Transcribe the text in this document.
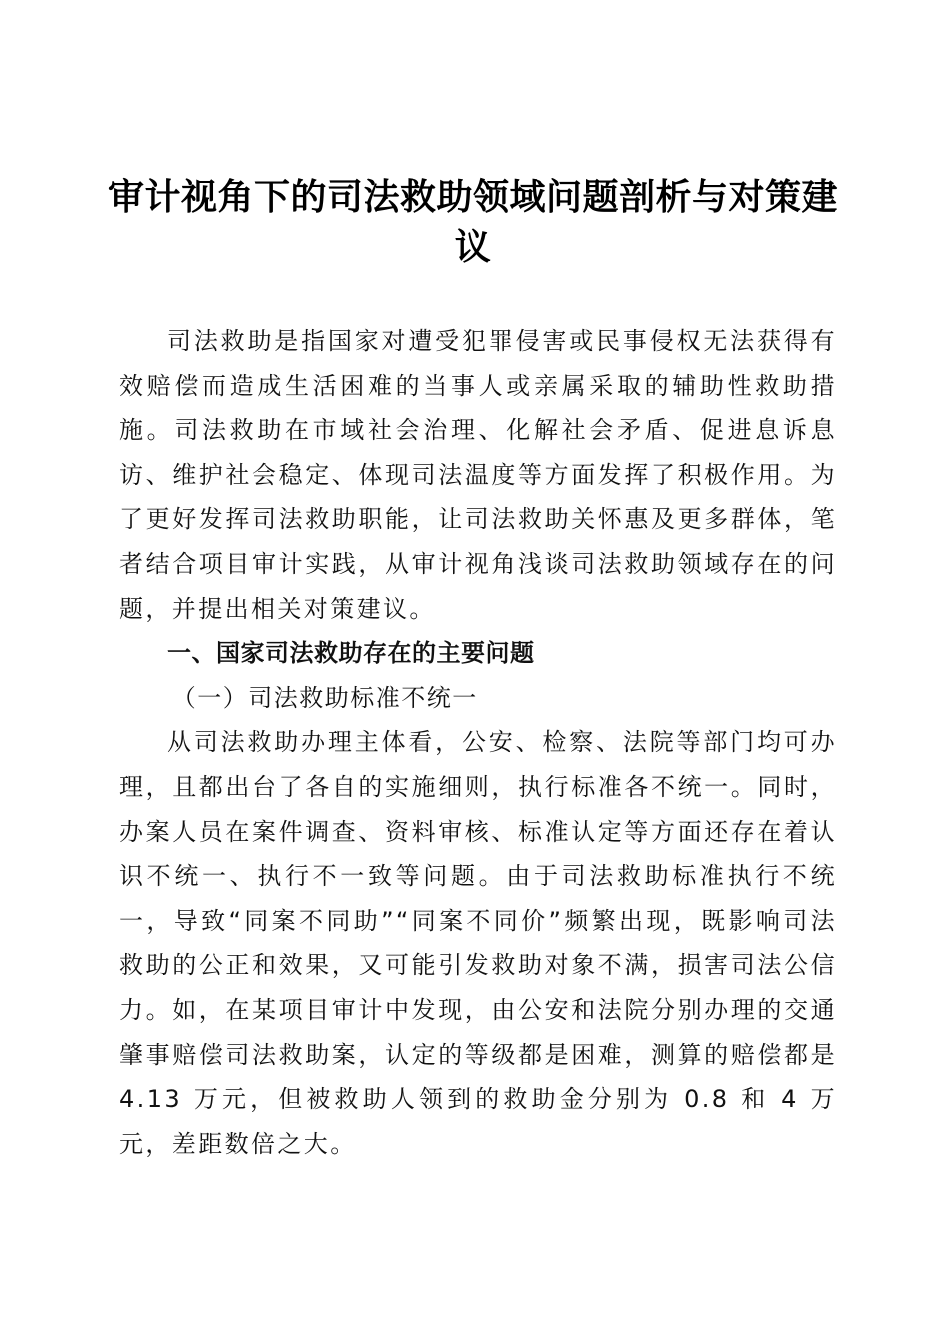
审计视角下的司法救助领域问题剖析与对策建议

司法救助是指国家对遭受犯罪侵害或民事侵权无法获得有效赔偿而造成生活困难的当事人或亲属采取的辅助性救助措施。司法救助在市域社会治理、化解社会矛盾、促进息诉息访、维护社会稳定、体现司法温度等方面发挥了积极作用。为了更好发挥司法救助职能，让司法救助关怀惠及更多群体，笔者结合项目审计实践，从审计视角浅谈司法救助领域存在的问题，并提出相关对策建议。

一、国家司法救助存在的主要问题

（一）司法救助标准不统一

从司法救助办理主体看，公安、检察、法院等部门均可办理，且都出台了各自的实施细则，执行标准各不统一。同时，办案人员在案件调查、资料审核、标准认定等方面还存在着认识不统一、执行不一致等问题。由于司法救助标准执行不统一，导致“同案不同助”“同案不同价”频繁出现，既影响司法救助的公正和效果，又可能引发救助对象不满，损害司法公信力。如，在某项目审计中发现，由公安和法院分别办理的交通肇事赔偿司法救助案，认定的等级都是困难，测算的赔偿都是 4.13 万元，但被救助人领到的救助金分别为 0.8 和 4 万元，差距数倍之大。
